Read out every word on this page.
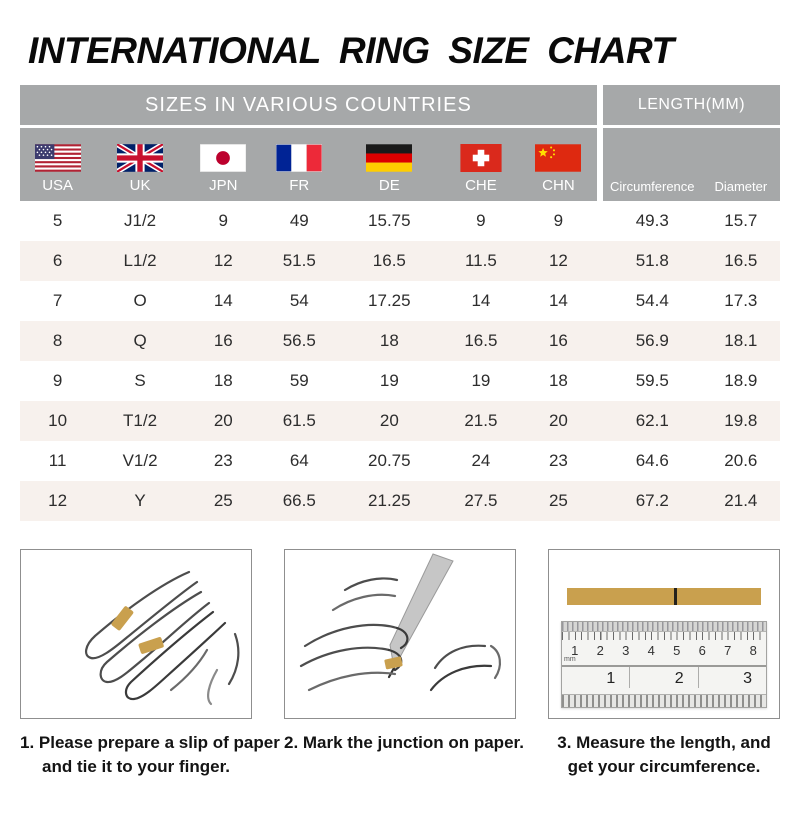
INTERNATIONAL RING SIZE CHART
SIZES IN VARIOUS COUNTRIES								LENGTH(MM)	

USA	UK	JPN	FR	DE	CHE	CHN		Circumference	Diameter
5	J1/2	9	49	15.75	9	9		49.3	15.7
6	L1/2	12	51.5	16.5	11.5	12		51.8	16.5
7	O	14	54	17.25	14	14		54.4	17.3
8	Q	16	56.5	18	16.5	16		56.9	18.1
9	S	18	59	19	19	18		59.5	18.9
10	T1/2	20	61.5	20	21.5	20		62.1	19.8
11	V1/2	23	64	20.75	24	23		64.6	20.6
12	Y	25	66.5	21.25	27.5	25		67.2	21.4
1. Please prepare a slip of paper
and tie it to your finger.
2. Mark the junction on paper.
1	2	3	4	5	6	7	8
mm
1	2	3
3. Measure the length, and
get your circumference.
